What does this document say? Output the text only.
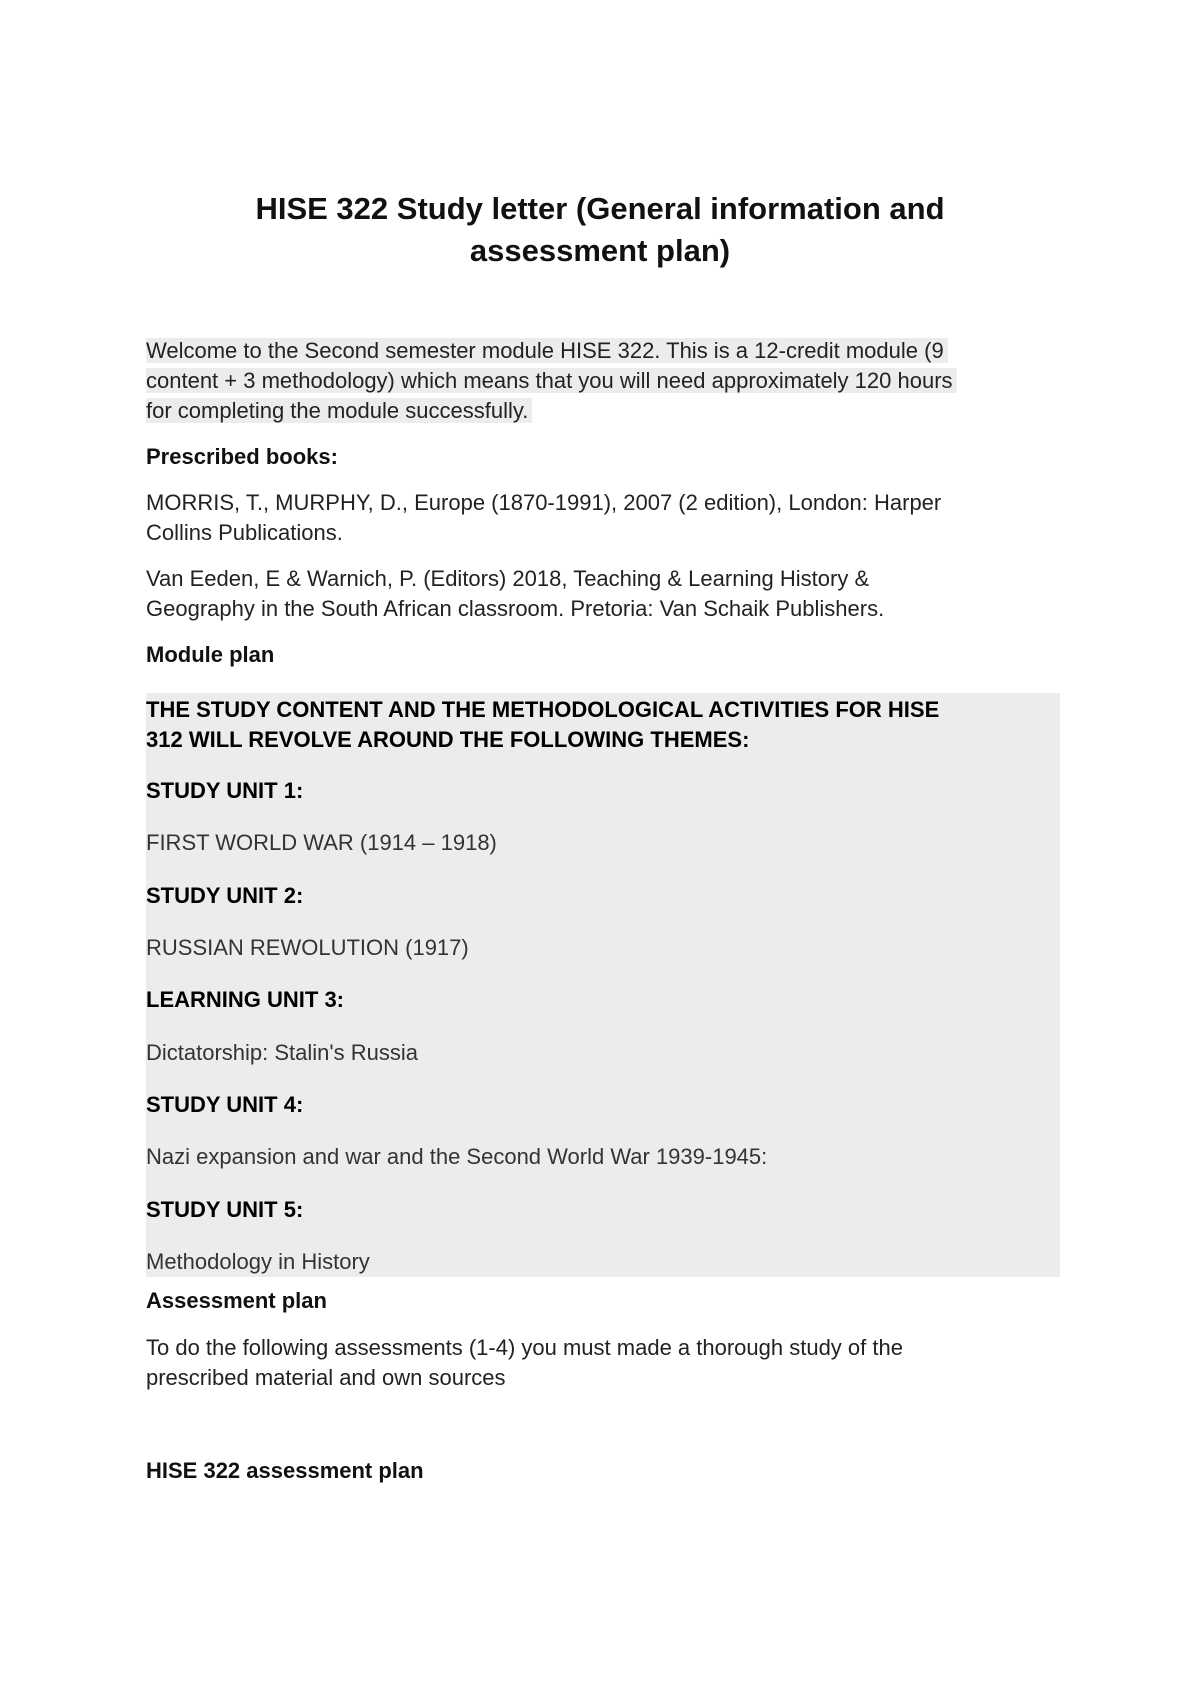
HISE 322 Study letter (General information and
assessment plan)
Welcome to the Second semester module HISE 322. This is a 12-credit module (9
content + 3 methodology) which means that you will need approximately 120 hours
for completing the module successfully.
Prescribed books:
MORRIS, T., MURPHY, D., Europe (1870-1991), 2007 (2 edition), London: Harper
Collins Publications.
Van Eeden, E & Warnich, P. (Editors) 2018, Teaching & Learning History &
Geography in the South African classroom. Pretoria: Van Schaik Publishers.
Module plan
THE STUDY CONTENT AND THE METHODOLOGICAL ACTIVITIES FOR HISE
312 WILL REVOLVE AROUND THE FOLLOWING THEMES:
STUDY UNIT 1:
FIRST WORLD WAR (1914 – 1918)
STUDY UNIT 2:
RUSSIAN REWOLUTION (1917)
LEARNING UNIT 3:
Dictatorship: Stalin's Russia
STUDY UNIT 4:
Nazi expansion and war and the Second World War 1939-1945:
STUDY UNIT 5:
Methodology in History
Assessment plan
To do the following assessments (1-4) you must made a thorough study of the
prescribed material and own sources
HISE 322 assessment plan
